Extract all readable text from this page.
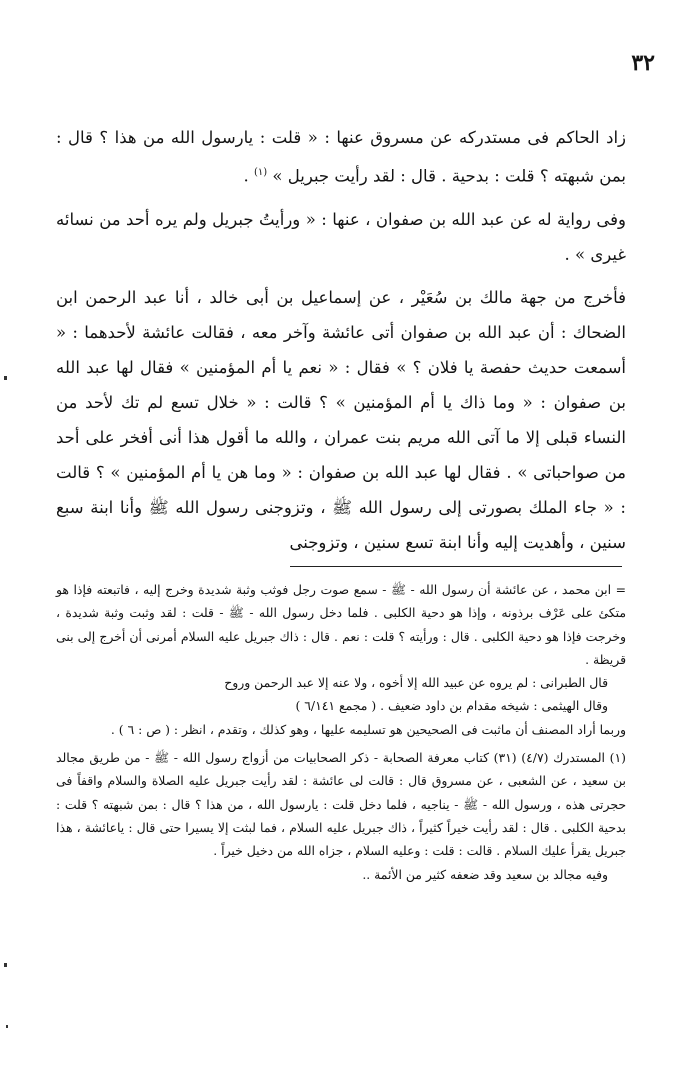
٣٢

زاد الحاكم فى مستدركه عن مسروق عنها : « قلت : يارسول الله من هذا ؟ قال : بمن شبهته ؟ قلت : بدحية . قال : لقد رأيت جبريل » $^{(١)}$ .

وفى رواية له عن عبد الله بن صفوان ، عنها : « ورأيتُ جبريل ولم يره أحد من نسائه غيرى » .

فأخرج من جهة مالك بن سُعَيْر ، عن إسماعيل بن أبى خالد ، أنا عبد الرحمن ابن الضحاك : أن عبد الله بن صفوان أتى عائشة وآخر معه ، فقالت عائشة لأحدهما : « أسمعت حديث حفصة يا فلان ؟ » فقال : « نعم يا أم المؤمنين » فقال لها عبد الله بن صفوان : « وما ذاك يا أم المؤمنين » ؟ قالت : « خلال تسع لم تك لأحد من النساء قبلى إلا ما آتى الله مريم بنت عمران ، والله ما أقول هذا أنى أفخر على أحد من صواحباتى » . فقال لها عبد الله بن صفوان : « وما هن يا أم المؤمنين » ؟ قالت : « جاء الملك بصورتى إلى رسول الله ﷺ ، وتزوجنى رسول الله ﷺ وأنا ابنة سبع سنين ، وأهديت إليه وأنا ابنة تسع سنين ، وتزوجنى

= ابن محمد ، عن عائشة أن رسول الله - ﷺ - سمع صوت رجل فوثب وثبة شديدة وخرج إليه ، فاتبعته فإذا هو متكئ على عَرْف برذونه ، وإذا هو دحية الكلبى . فلما دخل رسول الله - ﷺ - قلت : لقد وثبت وثبة شديدة ، وخرجت فإذا هو دحية الكلبى . قال : ورأيته ؟ قلت : نعم . قال : ذاك جبريل عليه السلام أمرنى أن أخرج إلى بنى قريظة .

قال الطبرانى : لم يروه عن عبيد الله إلا أخوه ، ولا عنه إلا عبد الرحمن وروح

وقال الهيثمى : شيخه مقدام بن داود ضعيف . ( مجمع ٦/١٤١ )

وربما أراد المصنف أن ماثبت فى الصحيحين هو تسليمه عليها ، وهو كذلك ، وتقدم ، انظر : ( ص : ٦ ) .

(١) المستدرك (٤/٧) (٣١) كتاب معرفة الصحابة - ذكر الصحابيات من أزواج رسول الله - ﷺ - من طريق مجالد بن سعيد ، عن الشعبى ، عن مسروق قال : قالت لى عائشة : لقد رأيت جبريل عليه الصلاة والسلام واقفاً فى حجرتى هذه ، ورسول الله - ﷺ - يناجيه ، فلما دخل قلت : يارسول الله ، من هذا ؟ قال : بمن شبهته ؟ قلت : بدحية الكلبى . قال : لقد رأيت خيراً كثيراً ، ذاك جبريل عليه السلام ، فما لبثت إلا يسيرا حتى قال : ياعائشة ، هذا جبريل يقرأ عليك السلام . قالت : قلت : وعليه السلام ، جزاه الله من دخيل خيراً .

وفيه مجالد بن سعيد وقد ضعفه كثير من الأئمة ..
